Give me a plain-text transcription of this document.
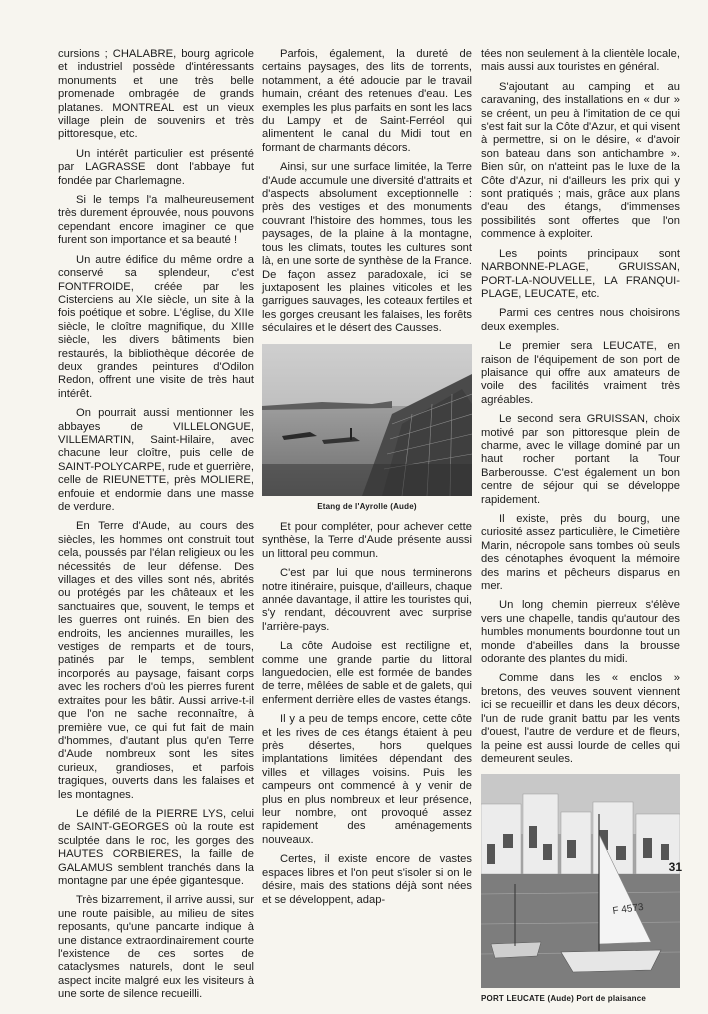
cursions ; CHALABRE, bourg agricole et industriel possède d'intéressants monuments et une très belle promenade ombragée de grands platanes. MONTREAL est un vieux village plein de souvenirs et très pittoresque, etc.

Un intérêt particulier est présenté par LAGRASSE dont l'abbaye fut fondée par Charlemagne.

Si le temps l'a malheureusement très durement éprouvée, nous pouvons cependant encore imaginer ce que furent son importance et sa beauté !

Un autre édifice du même ordre a conservé sa splendeur, c'est FONTFROIDE, créée par les Cisterciens au XIe siècle, un site à la fois poétique et sobre. L'église, du XIIe siècle, le cloître magnifique, du XIIIe siècle, les divers bâtiments bien restaurés, la bibliothèque décorée de deux grandes peintures d'Odilon Redon, offrent une visite de très haut intérêt.

On pourrait aussi mentionner les abbayes de VILLELONGUE, VILLEMARTIN, Saint-Hilaire, avec chacune leur cloître, puis celle de SAINT-POLYCARPE, rude et guerrière, celle de RIEUNETTE, près MOLIERE, enfouie et endormie dans une masse de verdure.

En Terre d'Aude, au cours des siècles, les hommes ont construit tout cela, poussés par l'élan religieux ou les nécessités de leur défense. Des villages et des villes sont nés, abrités ou protégés par les châteaux et les sanctuaires que, souvent, le temps et les guerres ont ruinés. En bien des endroits, les anciennes murailles, les vestiges de remparts et de tours, patinés par le temps, semblent incorporés au paysage, faisant corps avec les rochers d'où les pierres furent extraites pour les bâtir. Aussi arrive-t-il que l'on ne sache reconnaître, à première vue, ce qui fut fait de main d'hommes, d'autant plus qu'en Terre d'Aude nombreux sont les sites curieux, grandioses, et parfois tragiques, ouverts dans les falaises et les montagnes.

Le défilé de la PIERRE LYS, celui de SAINT-GEORGES où la route est sculptée dans le roc, les gorges des HAUTES CORBIERES, la faille de GALAMUS semblent tranchés dans la montagne par une épée gigantesque.

Très bizarrement, il arrive aussi, sur une route paisible, au milieu de sites reposants, qu'une pancarte indique à une distance extraordinairement courte l'existence de ces sortes de cataclysmes naturels, dont le seul aspect incite malgré eux les visiteurs à une sorte de silence recueilli.

Parfois, également, la dureté de certains paysages, des lits de torrents, notamment, a été adoucie par le travail humain, créant des retenues d'eau. Les exemples les plus parfaits en sont les lacs du Lampy et de Saint-Ferréol qui alimentent le canal du Midi tout en formant de charmants décors.

Ainsi, sur une surface limitée, la Terre d'Aude accumule une diversité d'attraits et d'aspects absolument exceptionnelle : près des vestiges et des monuments couvrant l'histoire des hommes, tous les paysages, de la plaine à la montagne, tous les climats, toutes les cultures sont là, en une sorte de synthèse de la France. De façon assez paradoxale, ici se juxtaposent les plaines viticoles et les garrigues sauvages, les coteaux fertiles et les gorges creusant les falaises, les forêts séculaires et le désert des Causses.

Etang de l'Ayrolle (Aude)

Et pour compléter, pour achever cette synthèse, la Terre d'Aude présente aussi un littoral peu commun.

C'est par lui que nous terminerons notre itinéraire, puisque, d'ailleurs, chaque année davantage, il attire les touristes qui, s'y rendant, découvrent avec surprise l'arrière-pays.

La côte Audoise est rectiligne et, comme une grande partie du littoral languedocien, elle est formée de bandes de terre, mêlées de sable et de galets, qui enferment derrière elles de vastes étangs.

Il y a peu de temps encore, cette côte et les rives de ces étangs étaient à peu près désertes, hors quelques implantations limitées dépendant des villes et villages voisins. Puis les campeurs ont commencé à y venir de plus en plus nombreux et leur présence, leur nombre, ont provoqué assez rapidement des aménagements nouveaux.

Certes, il existe encore de vastes espaces libres et l'on peut s'isoler si on le désire, mais des stations déjà sont nées et se développent, adap-

tées non seulement à la clientèle locale, mais aussi aux touristes en général.

S'ajoutant au camping et au caravaning, des installations en « dur » se créent, un peu à l'imitation de ce qui s'est fait sur la Côte d'Azur, et qui visent à permettre, si on le désire, « d'avoir son bateau dans son antichambre ». Bien sûr, on n'atteint pas le luxe de la Côte d'Azur, ni d'ailleurs les prix qui y sont pratiqués ; mais, grâce aux plans d'eau des étangs, d'immenses possibilités sont offertes que l'on commence à exploiter.

Les points principaux sont NARBONNE-PLAGE, GRUISSAN, PORT-LA-NOUVELLE, LA FRANQUI-PLAGE, LEUCATE, etc.

Parmi ces centres nous choisirons deux exemples.

Le premier sera LEUCATE, en raison de l'équipement de son port de plaisance qui offre aux amateurs de voile des facilités vraiment très agréables.

Le second sera GRUISSAN, choix motivé par son pittoresque plein de charme, avec le village dominé par un haut rocher portant la Tour Barberousse. C'est également un bon centre de séjour qui se développe rapidement.

Il existe, près du bourg, une curiosité assez particulière, le Cimetière Marin, nécropole sans tombes où seuls des cénotaphes évoquent la mémoire des marins et pêcheurs disparus en mer.

Un long chemin pierreux s'élève vers une chapelle, tandis qu'autour des humbles monuments bourdonne tout un monde d'abeilles dans la brousse odorante des plantes du midi.

Comme dans les « enclos » bretons, des veuves souvent viennent ici se recueillir et dans les deux décors, l'un de rude granit battu par les vents d'ouest, l'autre de verdure et de fleurs, la peine est aussi lourde de celles qui demeurent seules.

F 4573
PORT LEUCATE (Aude) Port de plaisance
31
